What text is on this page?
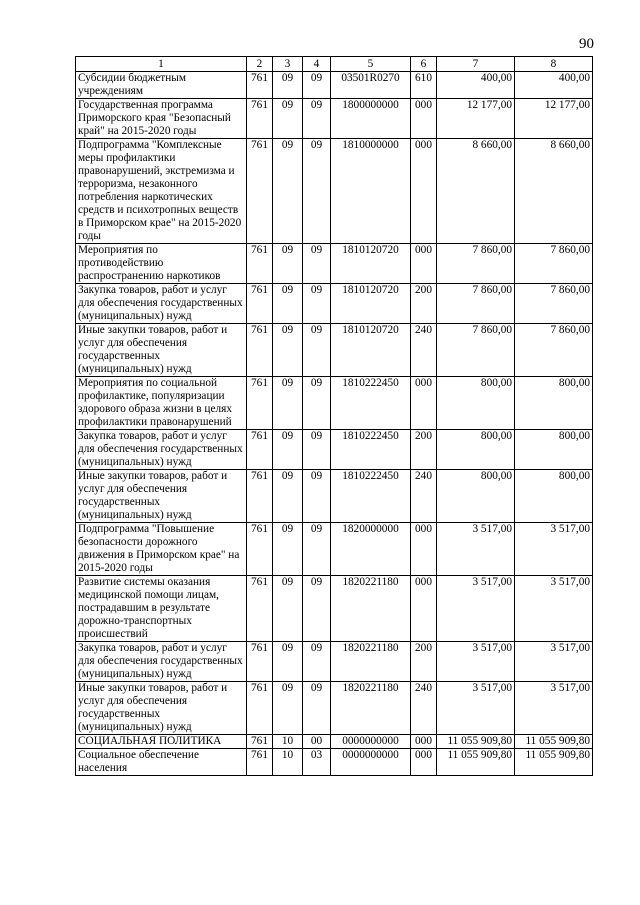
90
1	2	3	4	5	6	7	8
Субсидии бюджетным учреждениям	761	09	09	03501R0270	610	400,00	400,00
Государственная программа Приморского края "Безопасный край" на 2015-2020 годы	761	09	09	1800000000	000	12 177,00	12 177,00
Подпрограмма "Комплексные меры профилактики правонарушений, экстремизма и терроризма, незаконного потребления наркотических средств и психотропных веществ в Приморском крае" на 2015-2020 годы	761	09	09	1810000000	000	8 660,00	8 660,00
Мероприятия по противодействию распространению наркотиков	761	09	09	1810120720	000	7 860,00	7 860,00
Закупка товаров, работ и услуг для обеспечения государственных (муниципальных) нужд	761	09	09	1810120720	200	7 860,00	7 860,00
Иные закупки товаров, работ и услуг для обеспечения государственных (муниципальных) нужд	761	09	09	1810120720	240	7 860,00	7 860,00
Мероприятия по социальной профилактике, популяризации здорового образа жизни в целях профилактики правонарушений	761	09	09	1810222450	000	800,00	800,00
Закупка товаров, работ и услуг для обеспечения государственных (муниципальных) нужд	761	09	09	1810222450	200	800,00	800,00
Иные закупки товаров, работ и услуг для обеспечения государственных (муниципальных) нужд	761	09	09	1810222450	240	800,00	800,00
Подпрограмма "Повышение безопасности дорожного движения в Приморском крае" на 2015-2020 годы	761	09	09	1820000000	000	3 517,00	3 517,00
Развитие системы оказания медицинской помощи лицам, пострадавшим в результате дорожно-транспортных происшествий	761	09	09	1820221180	000	3 517,00	3 517,00
Закупка товаров, работ и услуг для обеспечения государственных (муниципальных) нужд	761	09	09	1820221180	200	3 517,00	3 517,00
Иные закупки товаров, работ и услуг для обеспечения государственных (муниципальных) нужд	761	09	09	1820221180	240	3 517,00	3 517,00
СОЦИАЛЬНАЯ ПОЛИТИКА	761	10	00	0000000000	000	11 055 909,80	11 055 909,80
Социальное обеспечение населения	761	10	03	0000000000	000	11 055 909,80	11 055 909,80
